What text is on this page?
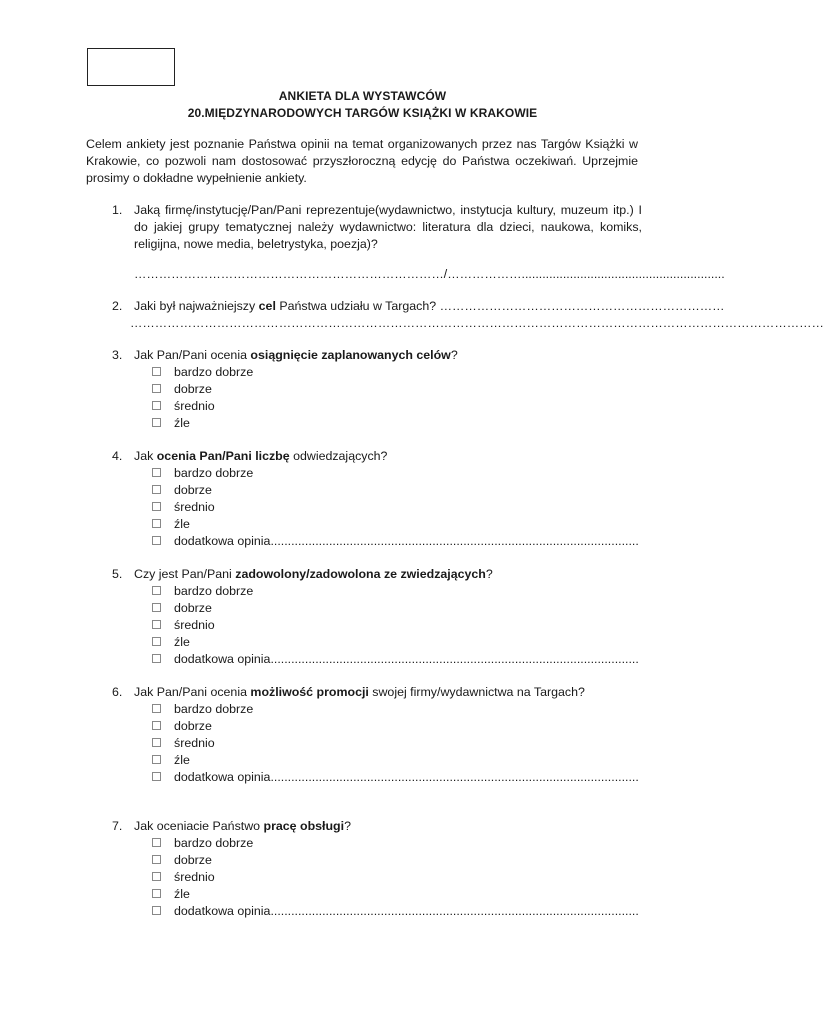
ANKIETA DLA WYSTAWCÓW
20.MIĘDZYNARODOWYCH TARGÓW KSIĄŻKI W KRAKOWIE
Celem ankiety jest poznanie Państwa opinii na temat organizowanych przez nas Targów Książki w Krakowie, co pozwoli nam dostosować przyszłoroczną edycję do Państwa oczekiwań. Uprzejmie prosimy o dokładne wypełnienie ankiety.
1. Jaką firmę/instytucję/Pan/Pani reprezentuje(wydawnictwo, instytucja kultury, muzeum itp.) I do jakiej grupy tematycznej należy wydawnictwo: literatura dla dzieci, naukowa, komiks, religijna, nowe media, beletrystyka, poezja)?
…………………………………………………………………/………………...........................................................
2. Jaki był najważniejszy cel Państwa udziału w Targach? ……………………………………………………………
……………………………………………………………………………………………………………………………………………………
3. Jak Pan/Pani ocenia osiągnięcie zaplanowanych celów?
bardzo dobrze
dobrze
średnio
źle
4. Jak ocenia Pan/Pani liczbę odwiedzających?
bardzo dobrze
dobrze
średnio
źle
dodatkowa opinia...........................................................................................................
5. Czy jest Pan/Pani zadowolony/zadowolona ze zwiedzających?
bardzo dobrze
dobrze
średnio
źle
dodatkowa opinia...........................................................................................................
6. Jak Pan/Pani ocenia możliwość promocji swojej firmy/wydawnictwa na Targach?
bardzo dobrze
dobrze
średnio
źle
dodatkowa opinia...........................................................................................................
7. Jak oceniacie Państwo pracę obsługi?
bardzo dobrze
dobrze
średnio
źle
dodatkowa opinia...........................................................................................................
